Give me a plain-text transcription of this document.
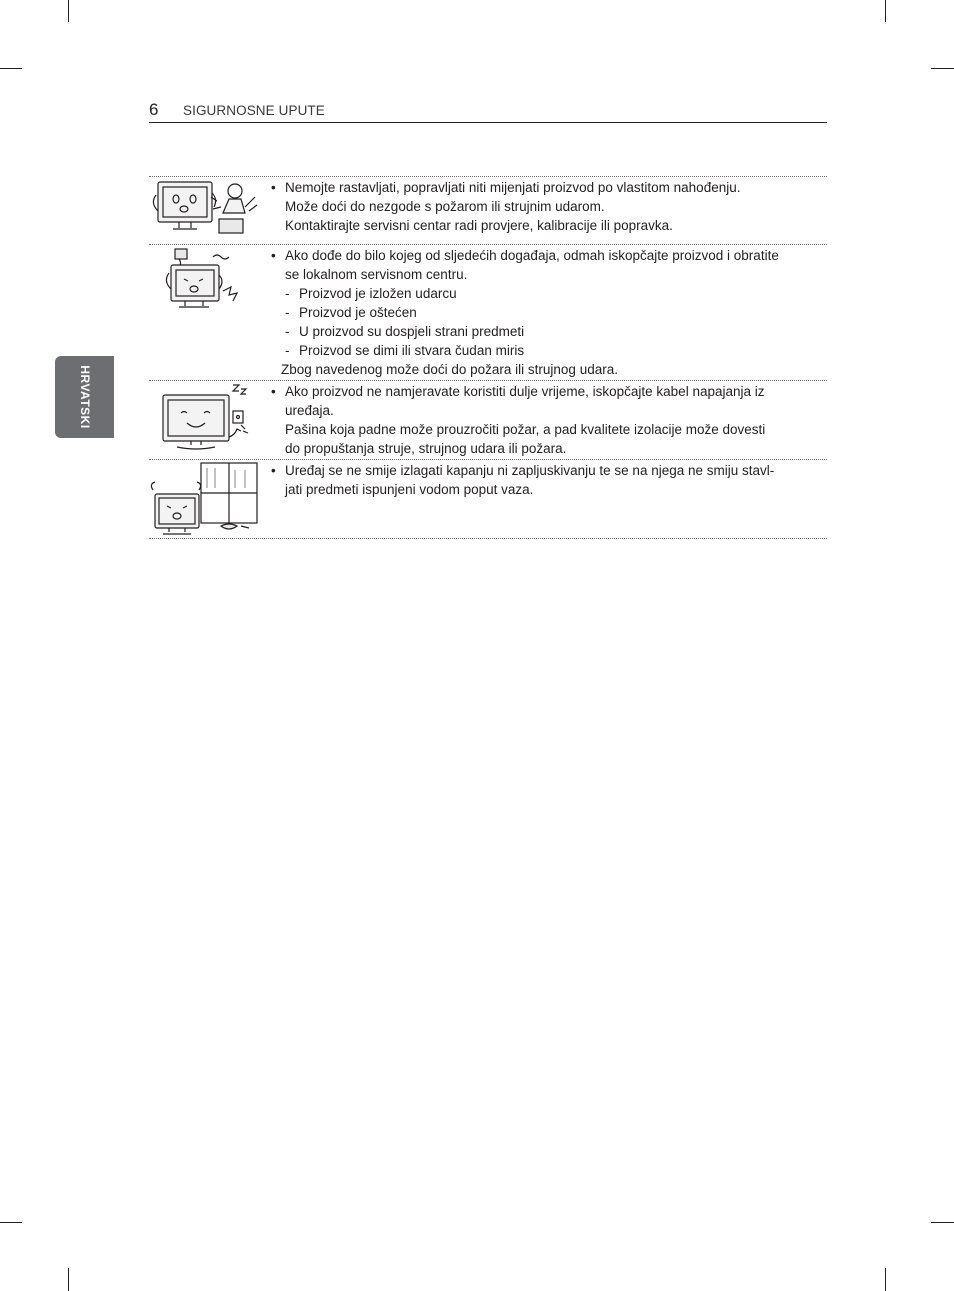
6 SIGURNOSNE UPUTE
HRVATSKI
• Nemojte rastavljati, popravljati niti mijenjati proizvod po vlastitom nahođenju.
Može doći do nezgode s požarom ili strujnim udarom.
Kontaktirajte servisni centar radi provjere, kalibracije ili popravka.
• Ako dođe do bilo kojeg od sljedećih događaja, odmah iskopčajte proizvod i obratite
se lokalnom servisnom centru.
- Proizvod je izložen udarcu
- Proizvod je oštećen
- U proizvod su dospjeli strani predmeti
- Proizvod se dimi ili stvara čudan miris
Zbog navedenog može doći do požara ili strujnog udara.
• Ako proizvod ne namjeravate koristiti dulje vrijeme, iskopčajte kabel napajanja iz
uređaja.
Pašina koja padne može prouzročiti požar, a pad kvalitete izolacije može dovesti
do propuštanja struje, strujnog udara ili požara.
• Uređaj se ne smije izlagati kapanju ni zapljuskivanju te se na njega ne smiju stavl-
jati predmeti ispunjeni vodom poput vaza.
